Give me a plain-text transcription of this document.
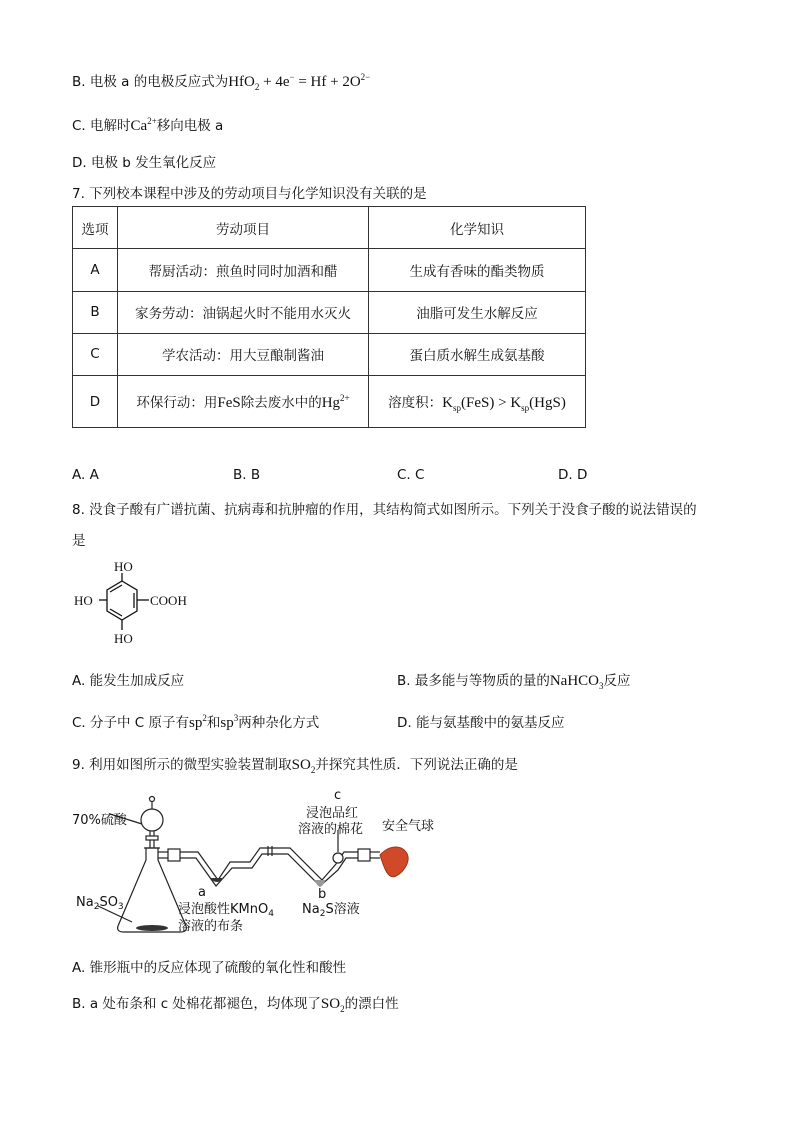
B. 电极 a 的电极反应式为$HfO_2 + 4e^- = Hf + 2O^{2-}$
C. 电解时$Ca^{2+}$移向电极 a
D. 电极 b 发生氧化反应
7. 下列校本课程中涉及的劳动项目与化学知识没有关联的是
选项	劳动项目	化学知识
A	帮厨活动：煎鱼时同时加酒和醋	生成有香味的酯类物质
B	家务劳动：油锅起火时不能用水灭火	油脂可发生水解反应
C	学农活动：用大豆酿制酱油	蛋白质水解生成氨基酸
D	环保行动：用FeS除去废水中的$Hg^{2+}$	溶度积：$K_{sp}(FeS) > K_{sp}(HgS)$
A. A	B. B	C. C	D. D
8. 没食子酸有广谱抗菌、抗病毒和抗肿瘤的作用，其结构简式如图所示。下列关于没食子酸的说法错误的
是
HO
HO
HO
COOH
A. 能发生加成反应	B. 最多能与等物质的量的NaHCO$_3$反应
C. 分子中 C 原子有$sp^2$和$sp^3$两种杂化方式	D. 能与氨基酸中的氨基反应
9. 利用如图所示的微型实验装置制取$SO_2$并探究其性质．下列说法正确的是
70%硫酸
c
浸泡品红
溶液的棉花 安全气球
a	b
$Na_2SO_3$	浸泡酸性KMnO$_4$
溶液的布条
$Na_2S$溶液
A. 锥形瓶中的反应体现了硫酸的氧化性和酸性
B. a 处布条和 c 处棉花都褪色，均体现了$SO_2$的漂白性
